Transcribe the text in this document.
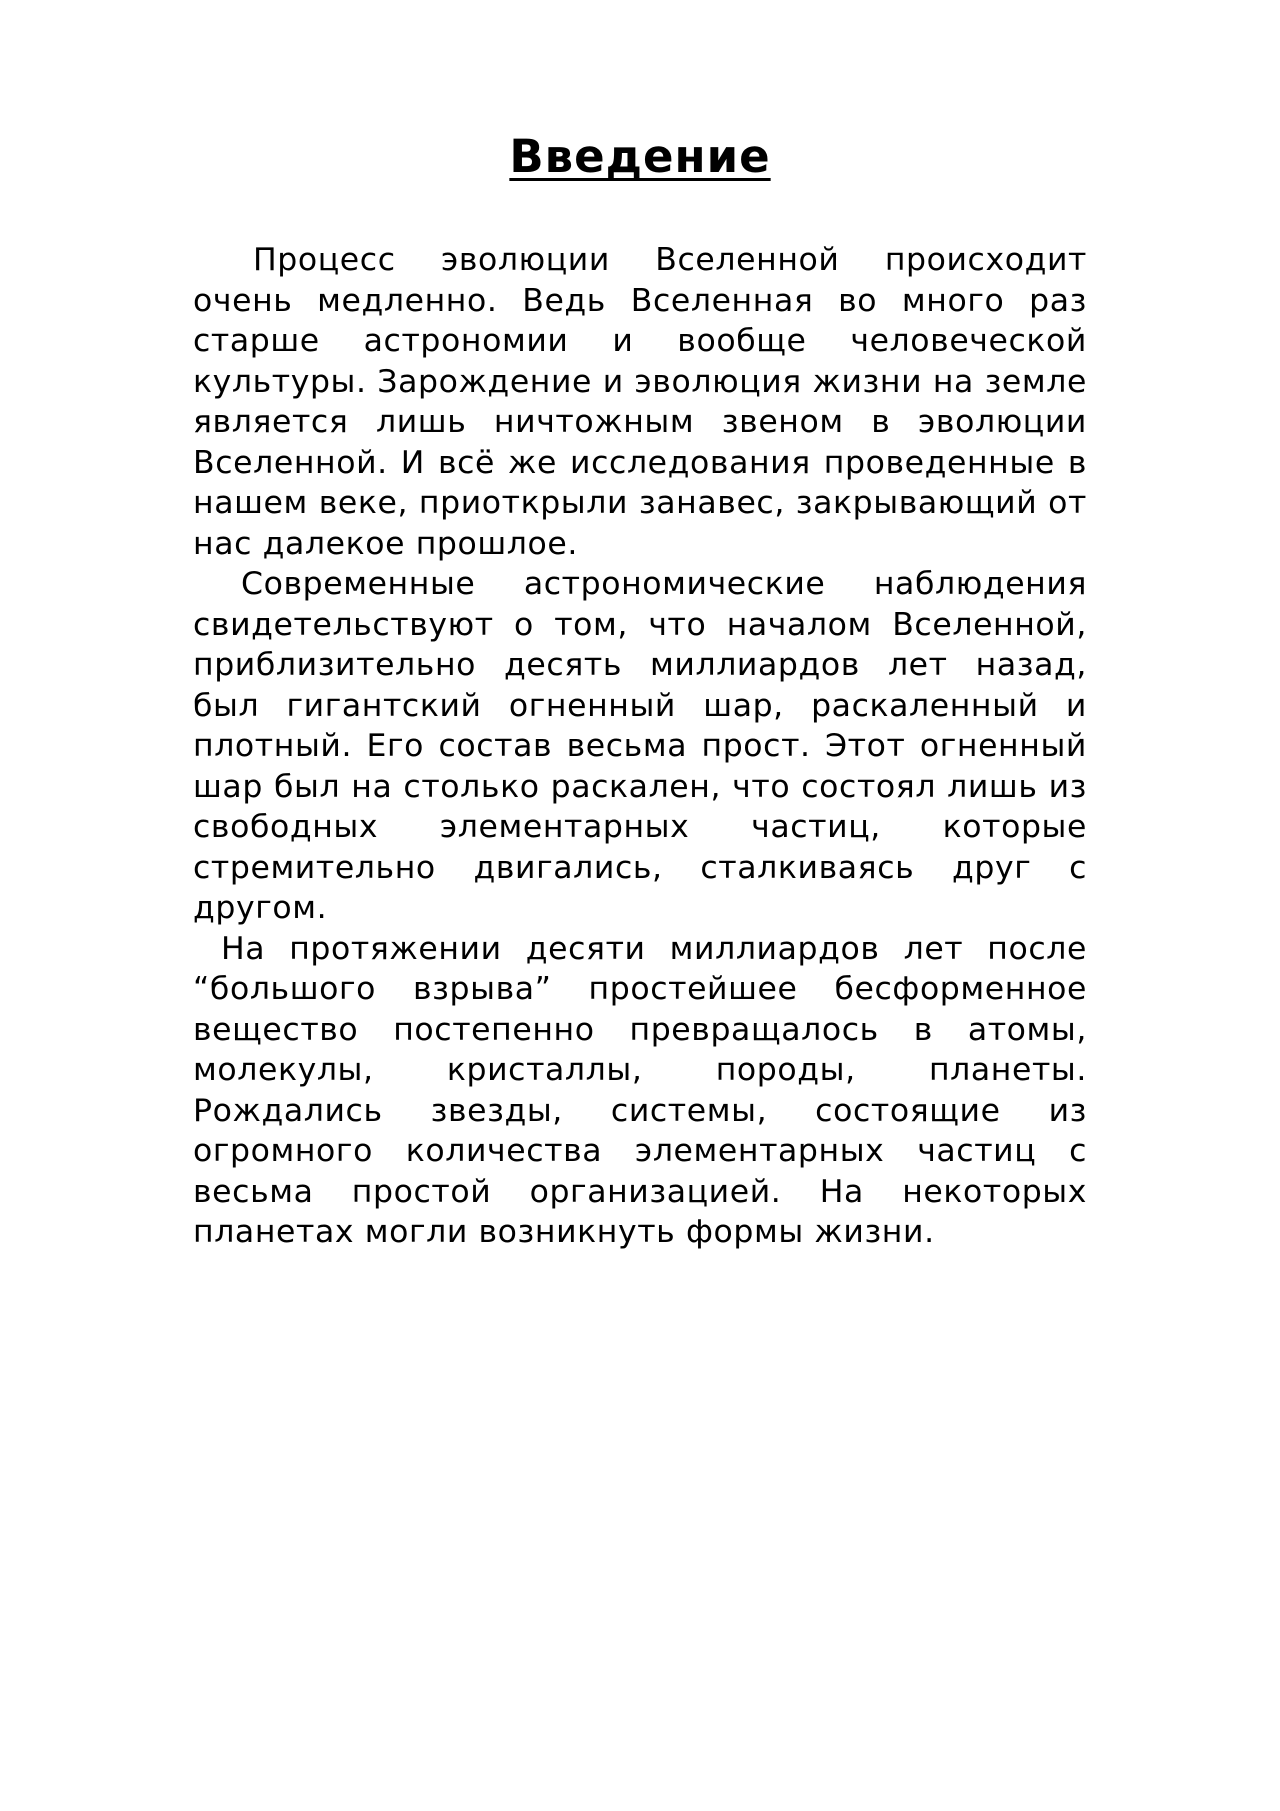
Введение

Процесс эволюции Вселенной происходит очень медленно. Ведь Вселенная во много раз старше астрономии и вообще человеческой культуры. Зарождение и эволюция жизни на земле является лишь ничтожным звеном в эволюции Вселенной. И всё же исследования проведенные в нашем веке, приоткрыли занавес, закрывающий от нас далекое прошлое.

Современные астрономические наблюдения свидетельствуют о том, что началом Вселенной, приблизительно десять миллиардов лет назад, был гигантский огненный шар, раскаленный и плотный. Его состав весьма прост. Этот огненный шар был на столько раскален, что состоял лишь из свободных элементарных частиц, которые стремительно двигались, сталкиваясь друг с другом.

На протяжении десяти миллиардов лет после “большого взрыва” простейшее бесформенное вещество постепенно превращалось в атомы, молекулы, кристаллы, породы, планеты. Рождались звезды, системы, состоящие из огромного количества элементарных частиц с весьма простой организацией. На некоторых планетах могли возникнуть формы жизни.
